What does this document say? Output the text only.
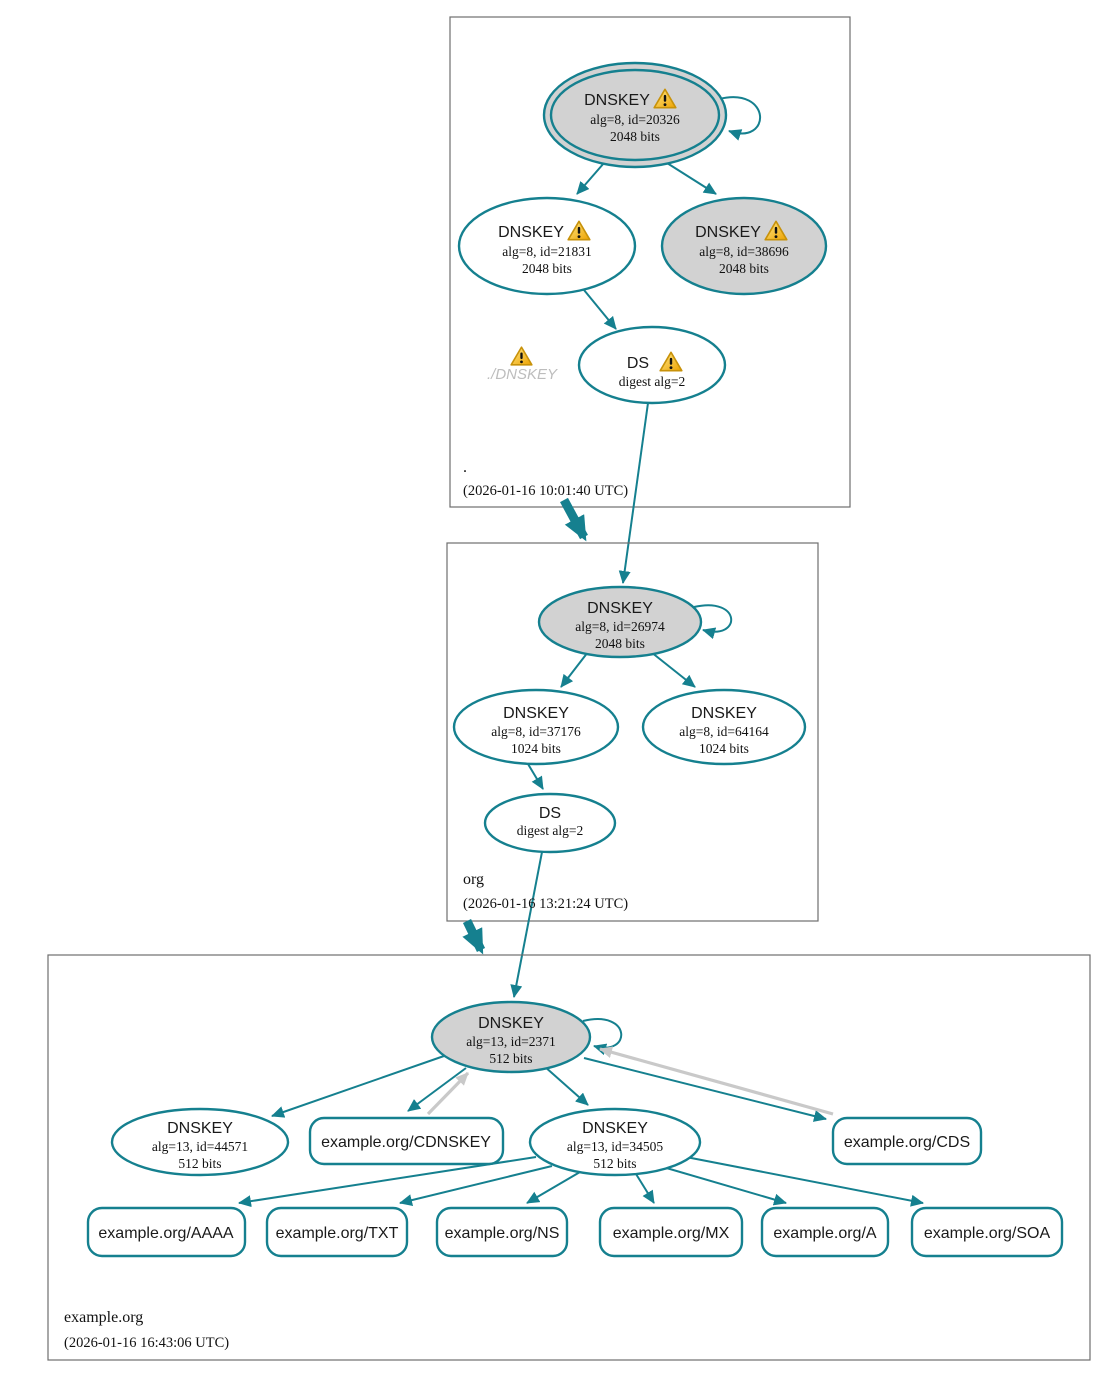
DNSKEY
alg=8, id=20326
2048 bits
DNSKEY
alg=8, id=21831
2048 bits
DNSKEY
alg=8, id=38696
2048 bits
DS
digest alg=2
./DNSKEY
.
(2026-01-16 10:01:40 UTC)
DNSKEY
alg=8, id=26974
2048 bits
DNSKEY
alg=8, id=37176
1024 bits
DNSKEY
alg=8, id=64164
1024 bits
DS
digest alg=2
org
(2026-01-16 13:21:24 UTC)
DNSKEY
alg=13, id=2371
512 bits
DNSKEY
alg=13, id=44571
512 bits
example.org/CDNSKEY
DNSKEY
alg=13, id=34505
512 bits
example.org/CDS
example.org/AAAA	example.org/TXT	example.org/NS	example.org/MX	example.org/A	example.org/SOA
example.org
(2026-01-16 16:43:06 UTC)
